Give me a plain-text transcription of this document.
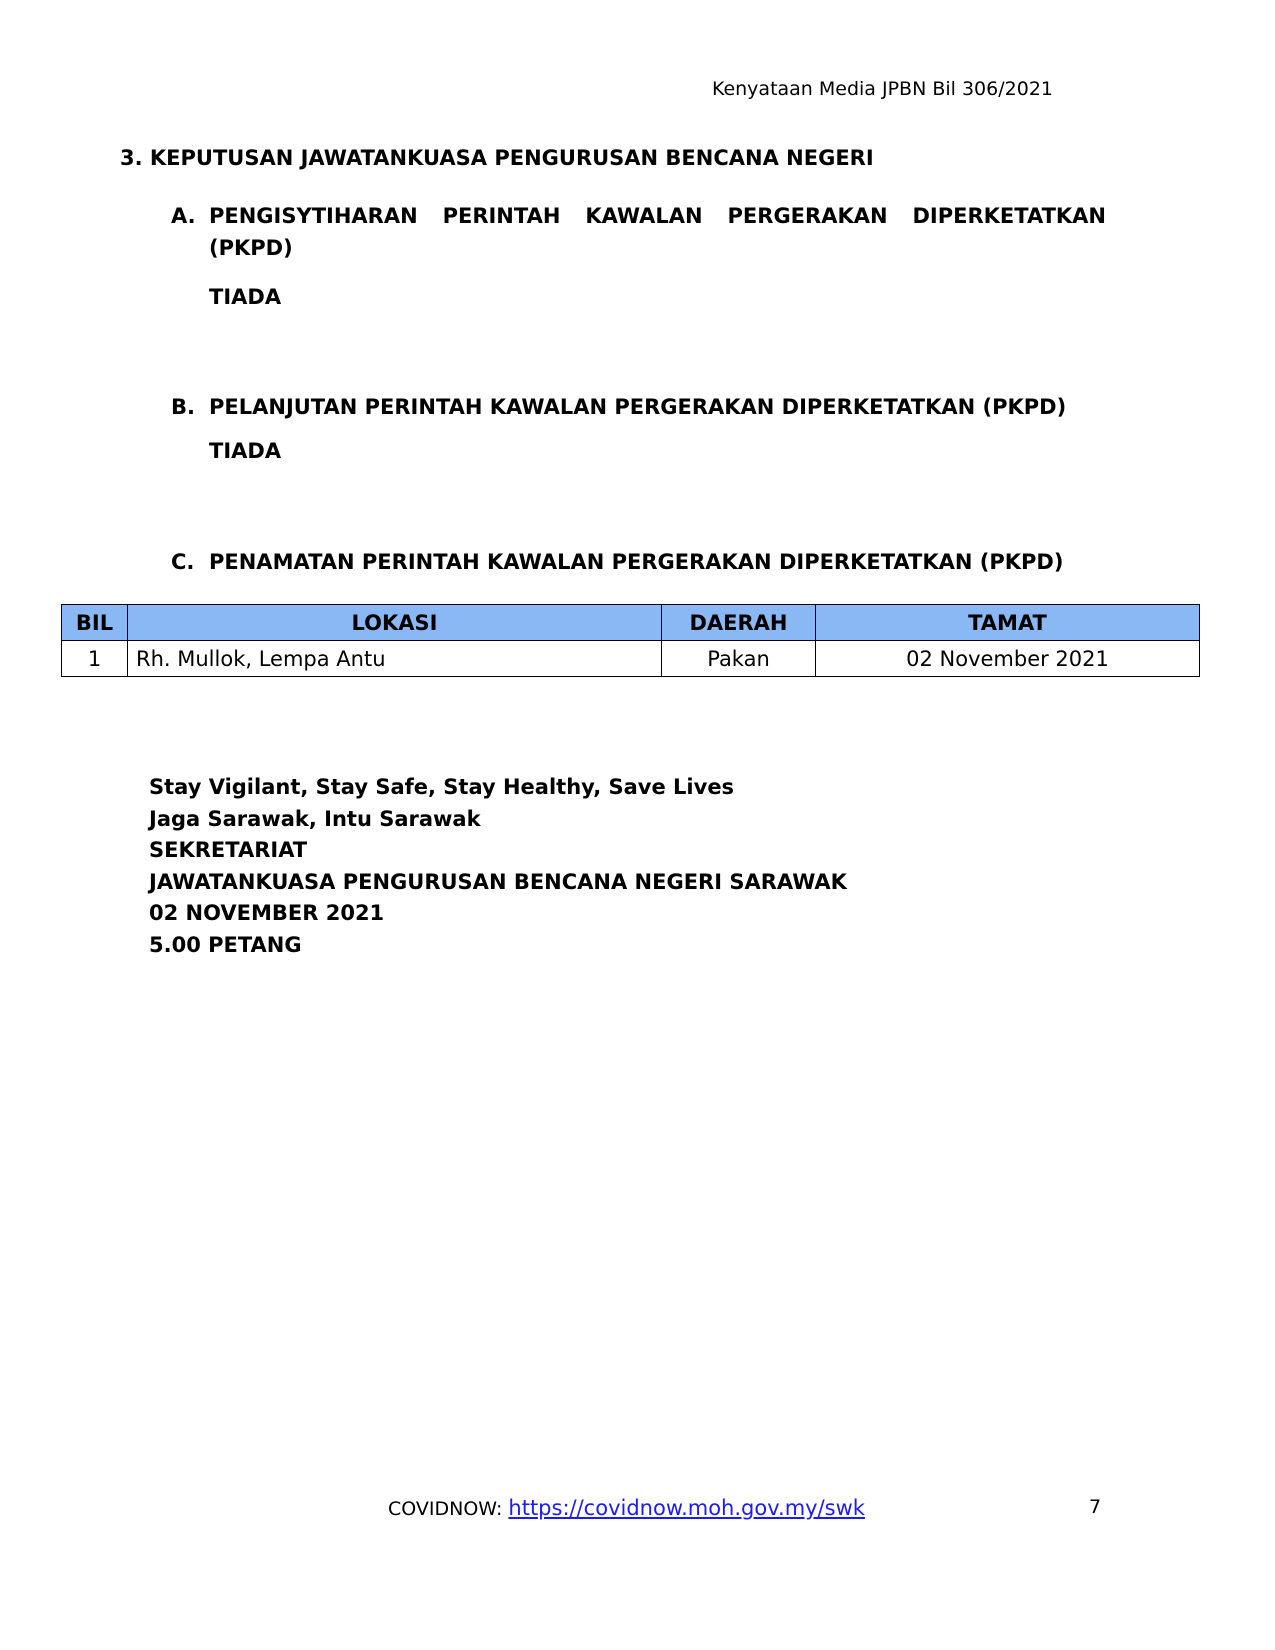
Kenyataan Media JPBN Bil 306/2021
3. KEPUTUSAN JAWATANKUASA PENGURUSAN BENCANA NEGERI
A. PENGISYTIHARAN PERINTAH KAWALAN PERGERAKAN DIPERKETATKAN
(PKPD)
TIADA
B. PELANJUTAN PERINTAH KAWALAN PERGERAKAN DIPERKETATKAN (PKPD)
TIADA
C. PENAMATAN PERINTAH KAWALAN PERGERAKAN DIPERKETATKAN (PKPD)
BIL	LOKASI	DAERAH	TAMAT
1	Rh. Mullok, Lempa Antu	Pakan	02 November 2021
Stay Vigilant, Stay Safe, Stay Healthy, Save Lives
Jaga Sarawak, Intu Sarawak
SEKRETARIAT
JAWATANKUASA PENGURUSAN BENCANA NEGERI SARAWAK
02 NOVEMBER 2021
5.00 PETANG
COVIDNOW: https://covidnow.moh.gov.my/swk	7
